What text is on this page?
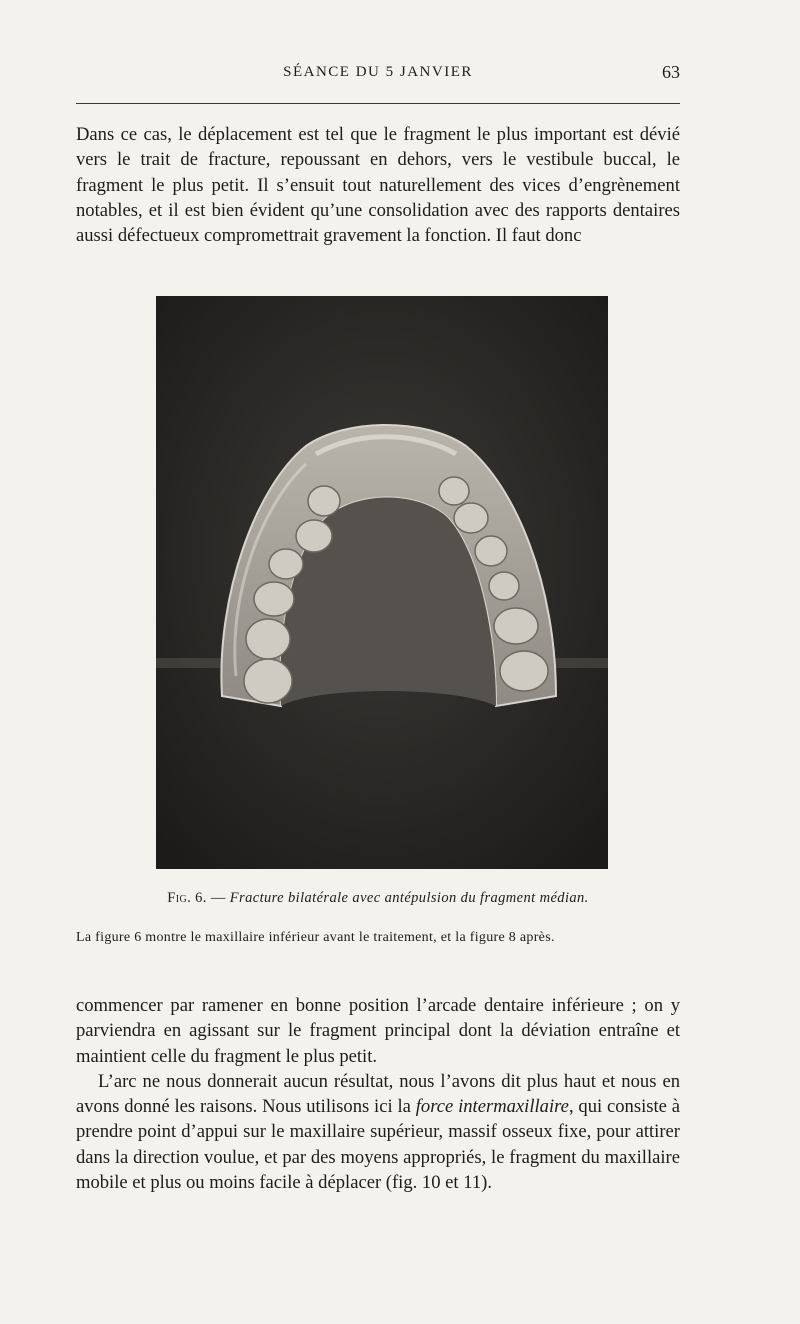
SÉANCE DU 5 JANVIER	63

Dans ce cas, le déplacement est tel que le fragment le plus important est dévié vers le trait de fracture, repoussant en dehors, vers le vestibule buccal, le fragment le plus petit. Il s’ensuit tout naturellement des vices d’engrènement notables, et il est bien évident qu’une consolidation avec des rapports dentaires aussi défectueux compromettrait gravement la fonction. Il faut donc

Fig. 6. — Fracture bilatérale avec antépulsion du fragment médian.

La figure 6 montre le maxillaire inférieur avant le traitement, et la figure 8 après.

commencer par ramener en bonne position l’arcade dentaire inférieure ; on y parviendra en agissant sur le fragment principal dont la déviation entraîne et maintient celle du fragment le plus petit.

L’arc ne nous donnerait aucun résultat, nous l’avons dit plus haut et nous en avons donné les raisons. Nous utilisons ici la force intermaxillaire, qui consiste à prendre point d’appui sur le maxillaire supérieur, massif osseux fixe, pour attirer dans la direction voulue, et par des moyens appropriés, le fragment du maxillaire mobile et plus ou moins facile à déplacer (fig. 10 et 11).
